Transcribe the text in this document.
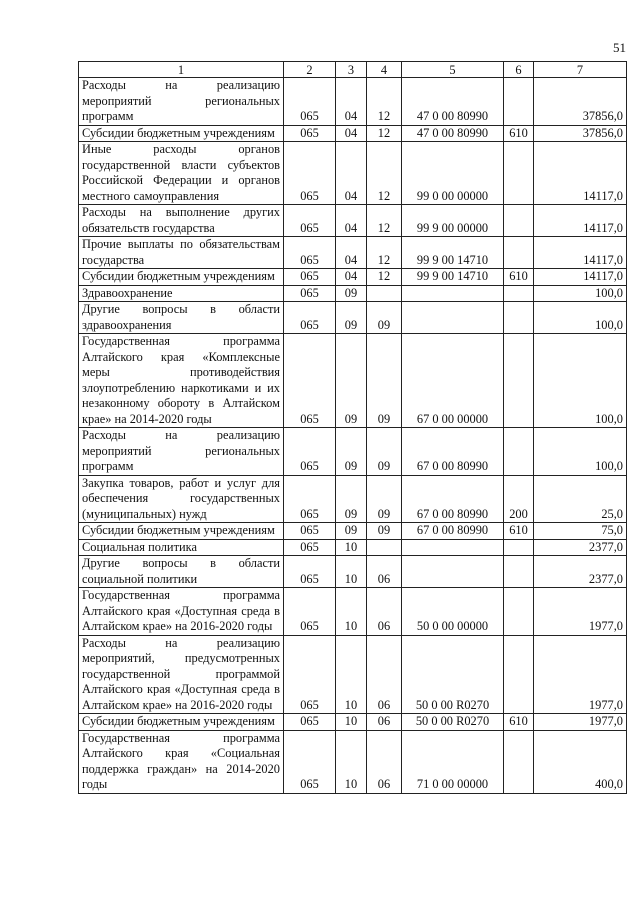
51
1	2	3	4	5	6	7
Расходы на реализацию мероприятий региональных программ	065	04	12	47 0 00 80990		37856,0
Субсидии бюджетным учреждениям	065	04	12	47 0 00 80990	610	37856,0
Иные расходы органов государственной власти субъектов Российской Федерации и органов местного самоуправления	065	04	12	99 0 00 00000		14117,0
Расходы на выполнение других обязательств государства	065	04	12	99 9 00 00000		14117,0
Прочие выплаты по обязательствам государства	065	04	12	99 9 00 14710		14117,0
Субсидии бюджетным учреждениям	065	04	12	99 9 00 14710	610	14117,0
Здравоохранение	065	09				100,0
Другие вопросы в области здравоохранения	065	09	09			100,0
Государственная программа Алтайского края «Комплексные меры противодействия злоупотреблению наркотиками и их незаконному обороту в Алтайском крае» на 2014-2020 годы	065	09	09	67 0 00 00000		100,0
Расходы на реализацию мероприятий региональных программ	065	09	09	67 0 00 80990		100,0
Закупка товаров, работ и услуг для обеспечения государственных (муниципальных) нужд	065	09	09	67 0 00 80990	200	25,0
Субсидии бюджетным учреждениям	065	09	09	67 0 00 80990	610	75,0
Социальная политика	065	10				2377,0
Другие вопросы в области социальной политики	065	10	06			2377,0
Государственная программа Алтайского края «Доступная среда в Алтайском крае» на 2016-2020 годы	065	10	06	50 0 00 00000		1977,0
Расходы на реализацию мероприятий, предусмотренных государственной программой Алтайского края «Доступная среда в Алтайском крае» на 2016-2020 годы	065	10	06	50 0 00 R0270		1977,0
Субсидии бюджетным учреждениям	065	10	06	50 0 00 R0270	610	1977,0
Государственная программа Алтайского края «Социальная поддержка граждан» на 2014-2020 годы	065	10	06	71 0 00 00000		400,0
